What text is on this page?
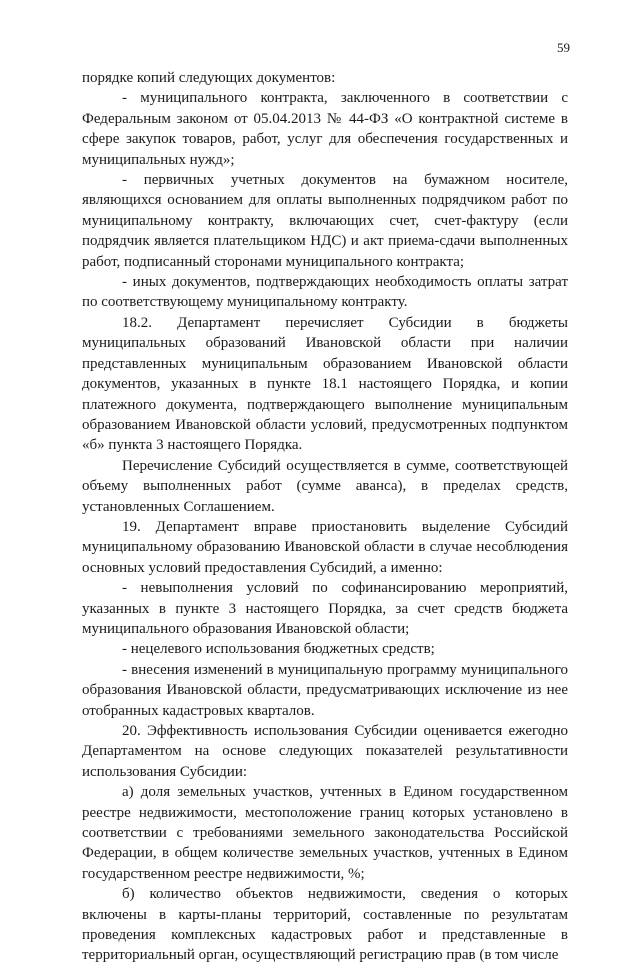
59

порядке копий следующих документов:

- муниципального контракта, заключенного в соответствии с Федеральным законом от 05.04.2013 № 44-ФЗ «О контрактной системе в сфере закупок товаров, работ, услуг для обеспечения государственных и муниципальных нужд»;

- первичных учетных документов на бумажном носителе, являющихся основанием для оплаты выполненных подрядчиком работ по муниципальному контракту, включающих счет, счет-фактуру (если подрядчик является плательщиком НДС) и акт приема-сдачи выполненных работ, подписанный сторонами муниципального контракта;

- иных документов, подтверждающих необходимость оплаты затрат по соответствующему муниципальному контракту.

18.2. Департамент перечисляет Субсидии в бюджеты муниципальных образований Ивановской области при наличии представленных муниципальным образованием Ивановской области документов, указанных в пункте 18.1 настоящего Порядка, и копии платежного документа, подтверждающего выполнение муниципальным образованием Ивановской области условий, предусмотренных подпунктом «б» пункта 3 настоящего Порядка.

Перечисление Субсидий осуществляется в сумме, соответствующей объему выполненных работ (сумме аванса), в пределах средств, установленных Соглашением.

19. Департамент вправе приостановить выделение Субсидий муниципальному образованию Ивановской области в случае несоблюдения основных условий предоставления Субсидий, а именно:

- невыполнения условий по софинансированию мероприятий, указанных в пункте 3 настоящего Порядка, за счет средств бюджета муниципального образования Ивановской области;

- нецелевого использования бюджетных средств;

- внесения изменений в муниципальную программу муниципального образования Ивановской области, предусматривающих исключение из нее отобранных кадастровых кварталов.

20. Эффективность использования Субсидии оценивается ежегодно Департаментом на основе следующих показателей результативности использования Субсидии:

а) доля земельных участков, учтенных в Едином государственном реестре недвижимости, местоположение границ которых установлено в соответствии с требованиями земельного законодательства Российской Федерации, в общем количестве земельных участков, учтенных в Едином государственном реестре недвижимости, %;

б) количество объектов недвижимости, сведения о которых включены в карты-планы территорий, составленные по результатам проведения комплексных кадастровых работ и представленные в территориальный орган, осуществляющий регистрацию прав (в том числе
